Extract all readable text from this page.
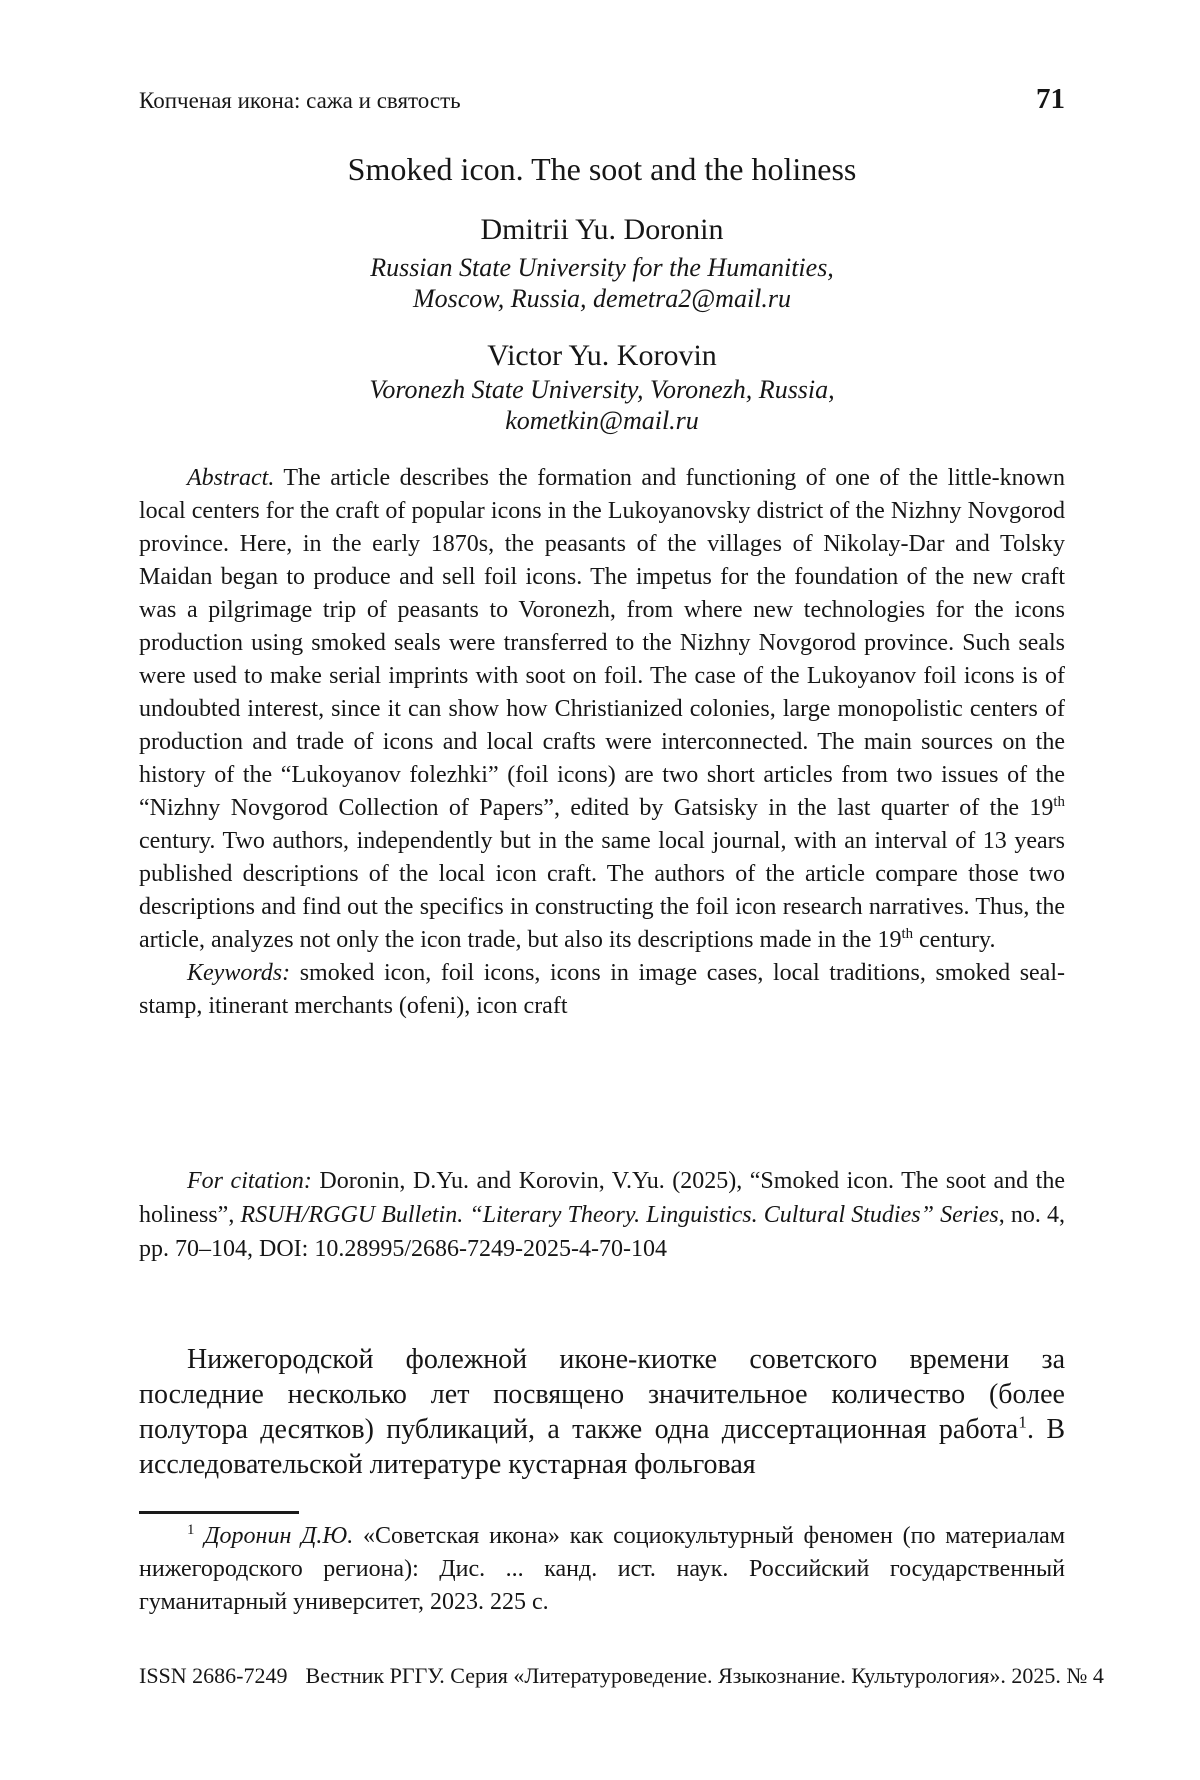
Копченая икона: сажа и святость	71
Smoked icon. The soot and the holiness
Dmitrii Yu. Doronin
Russian State University for the Humanities,
Moscow, Russia, demetra2@mail.ru
Victor Yu. Korovin
Voronezh State University, Voronezh, Russia,
kometkin@mail.ru

Abstract. The article describes the formation and functioning of one of the little-known local centers for the craft of popular icons in the Lukoyanovsky district of the Nizhny Novgorod province. Here, in the early 1870s, the peasants of the villages of Nikolay-Dar and Tolsky Maidan began to produce and sell foil icons. The impetus for the foundation of the new craft was a pilgrimage trip of peasants to Voronezh, from where new technologies for the icons production using smoked seals were transferred to the Nizhny Novgorod province. Such seals were used to make serial imprints with soot on foil. The case of the Lukoyanov foil icons is of undoubted interest, since it can show how Christianized colonies, large monopolistic centers of production and trade of icons and local crafts were interconnected. The main sources on the history of the “Lukoyanov folezhki” (foil icons) are two short articles from two issues of the “Nizhny Novgorod Collection of Papers”, edited by Gatsisky in the last quarter of the 19th century. Two authors, independently but in the same local journal, with an interval of 13 years published descriptions of the local icon craft. The authors of the article compare those two descriptions and find out the specifics in constructing the foil icon research narratives. Thus, the article, analyzes not only the icon trade, but also its descriptions made in the 19th century.

Keywords: smoked icon, foil icons, icons in image cases, local traditions, smoked seal-stamp, itinerant merchants (ofeni), icon craft

For citation: Doronin, D.Yu. and Korovin, V.Yu. (2025), “Smoked icon. The soot and the holiness”, RSUH/RGGU Bulletin. “Literary Theory. Linguistics. Cultural Studies” Series, no. 4, pp. 70–104, DOI: 10.28995/2686-7249-2025-4-70-104

Нижегородской фолежной иконе-киотке советского времени за последние несколько лет посвящено значительное количество (более полутора десятков) публикаций, а также одна диссертационная работа$^1$. В исследовательской литературе кустарная фольговая

$^1$ Доронин Д.Ю. «Советская икона» как социокультурный феномен (по материалам нижегородского региона): Дис. ... канд. ист. наук. Российский государственный гуманитарный университет, 2023. 225 с.

ISSN 2686-7249 Вестник РГГУ. Серия «Литературоведение. Языкознание. Культурология». 2025. № 4
